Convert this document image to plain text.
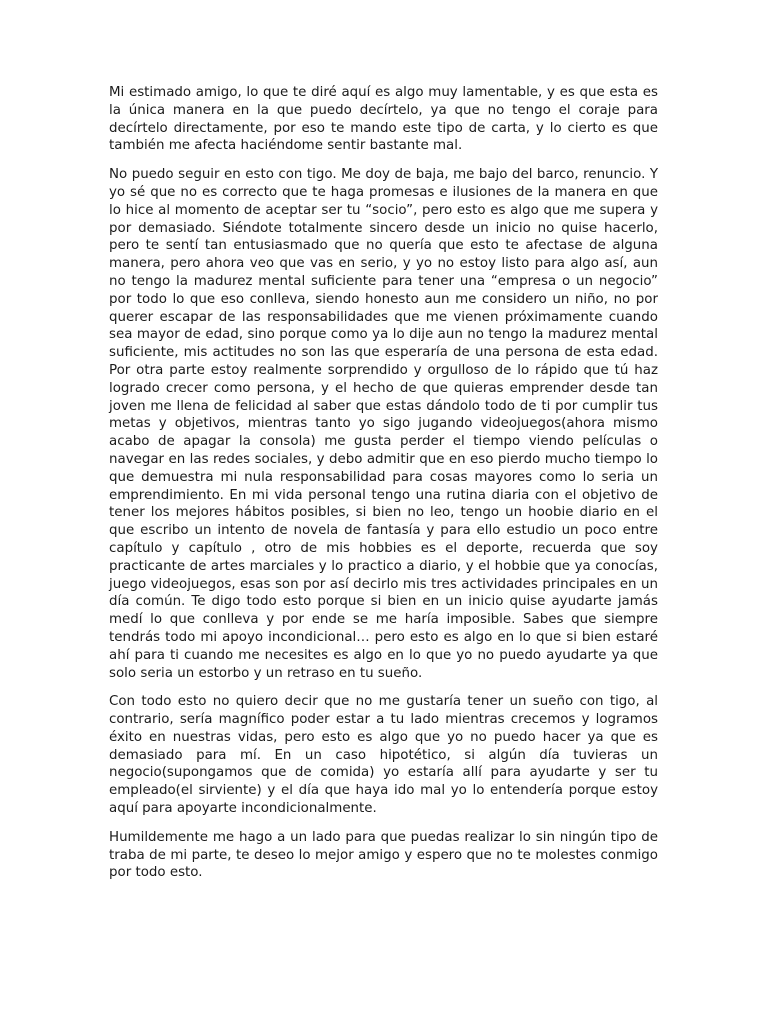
Mi estimado amigo, lo que te diré aquí es algo muy lamentable, y es que esta es la única manera en la que puedo decírtelo, ya que no tengo el coraje para decírtelo directamente, por eso te mando este tipo de carta, y lo cierto es que también me afecta haciéndome sentir bastante mal.

No puedo seguir en esto con tigo. Me doy de baja, me bajo del barco, renuncio. Y yo sé que no es correcto que te haga promesas e ilusiones de la manera en que lo hice al momento de aceptar ser tu “socio”, pero esto es algo que me supera y por demasiado. Siéndote totalmente sincero desde un inicio no quise hacerlo, pero te sentí tan entusiasmado que no quería que esto te afectase de alguna manera, pero ahora veo que vas en serio, y yo no estoy listo para algo así, aun no tengo la madurez mental suficiente para tener una “empresa o un negocio” por todo lo que eso conlleva, siendo honesto aun me considero un niño, no por querer escapar de las responsabilidades que me vienen próximamente cuando sea mayor de edad, sino porque como ya lo dije aun no tengo la madurez mental suficiente, mis actitudes no son las que esperaría de una persona de esta edad. Por otra parte estoy realmente sorprendido y orgulloso de lo rápido que tú haz logrado crecer como persona, y el hecho de que quieras emprender desde tan joven me llena de felicidad al saber que estas dándolo todo de ti por cumplir tus metas y objetivos, mientras tanto yo sigo jugando videojuegos(ahora mismo acabo de apagar la consola) me gusta perder el tiempo viendo películas o navegar en las redes sociales, y debo admitir que en eso pierdo mucho tiempo lo que demuestra mi nula responsabilidad para cosas mayores como lo seria un emprendimiento. En mi vida personal tengo una rutina diaria con el objetivo de tener los mejores hábitos posibles, si bien no leo, tengo un hoobie diario en el que escribo un intento de novela de fantasía y para ello estudio un poco entre capítulo y capítulo , otro de mis hobbies es el deporte, recuerda que soy practicante de artes marciales y lo practico a diario, y el hobbie que ya conocías, juego videojuegos, esas son por así decirlo mis tres actividades principales en un día común. Te digo todo esto porque si bien en un inicio quise ayudarte jamás medí lo que conlleva y por ende se me haría imposible. Sabes que siempre tendrás todo mi apoyo incondicional… pero esto es algo en lo que si bien estaré ahí para ti cuando me necesites es algo en lo que yo no puedo ayudarte ya que solo seria un estorbo y un retraso en tu sueño.

Con todo esto no quiero decir que no me gustaría tener un sueño con tigo, al contrario, sería magnífico poder estar a tu lado mientras crecemos y logramos éxito en nuestras vidas, pero esto es algo que yo no puedo hacer ya que es demasiado para mí. En un caso hipotético, si algún día tuvieras un negocio(supongamos que de comida) yo estaría allí para ayudarte y ser tu empleado(el sirviente) y el día que haya ido mal yo lo entendería porque estoy aquí para apoyarte incondicionalmente.

Humildemente me hago a un lado para que puedas realizar lo sin ningún tipo de traba de mi parte, te deseo lo mejor amigo y espero que no te molestes conmigo por todo esto.
